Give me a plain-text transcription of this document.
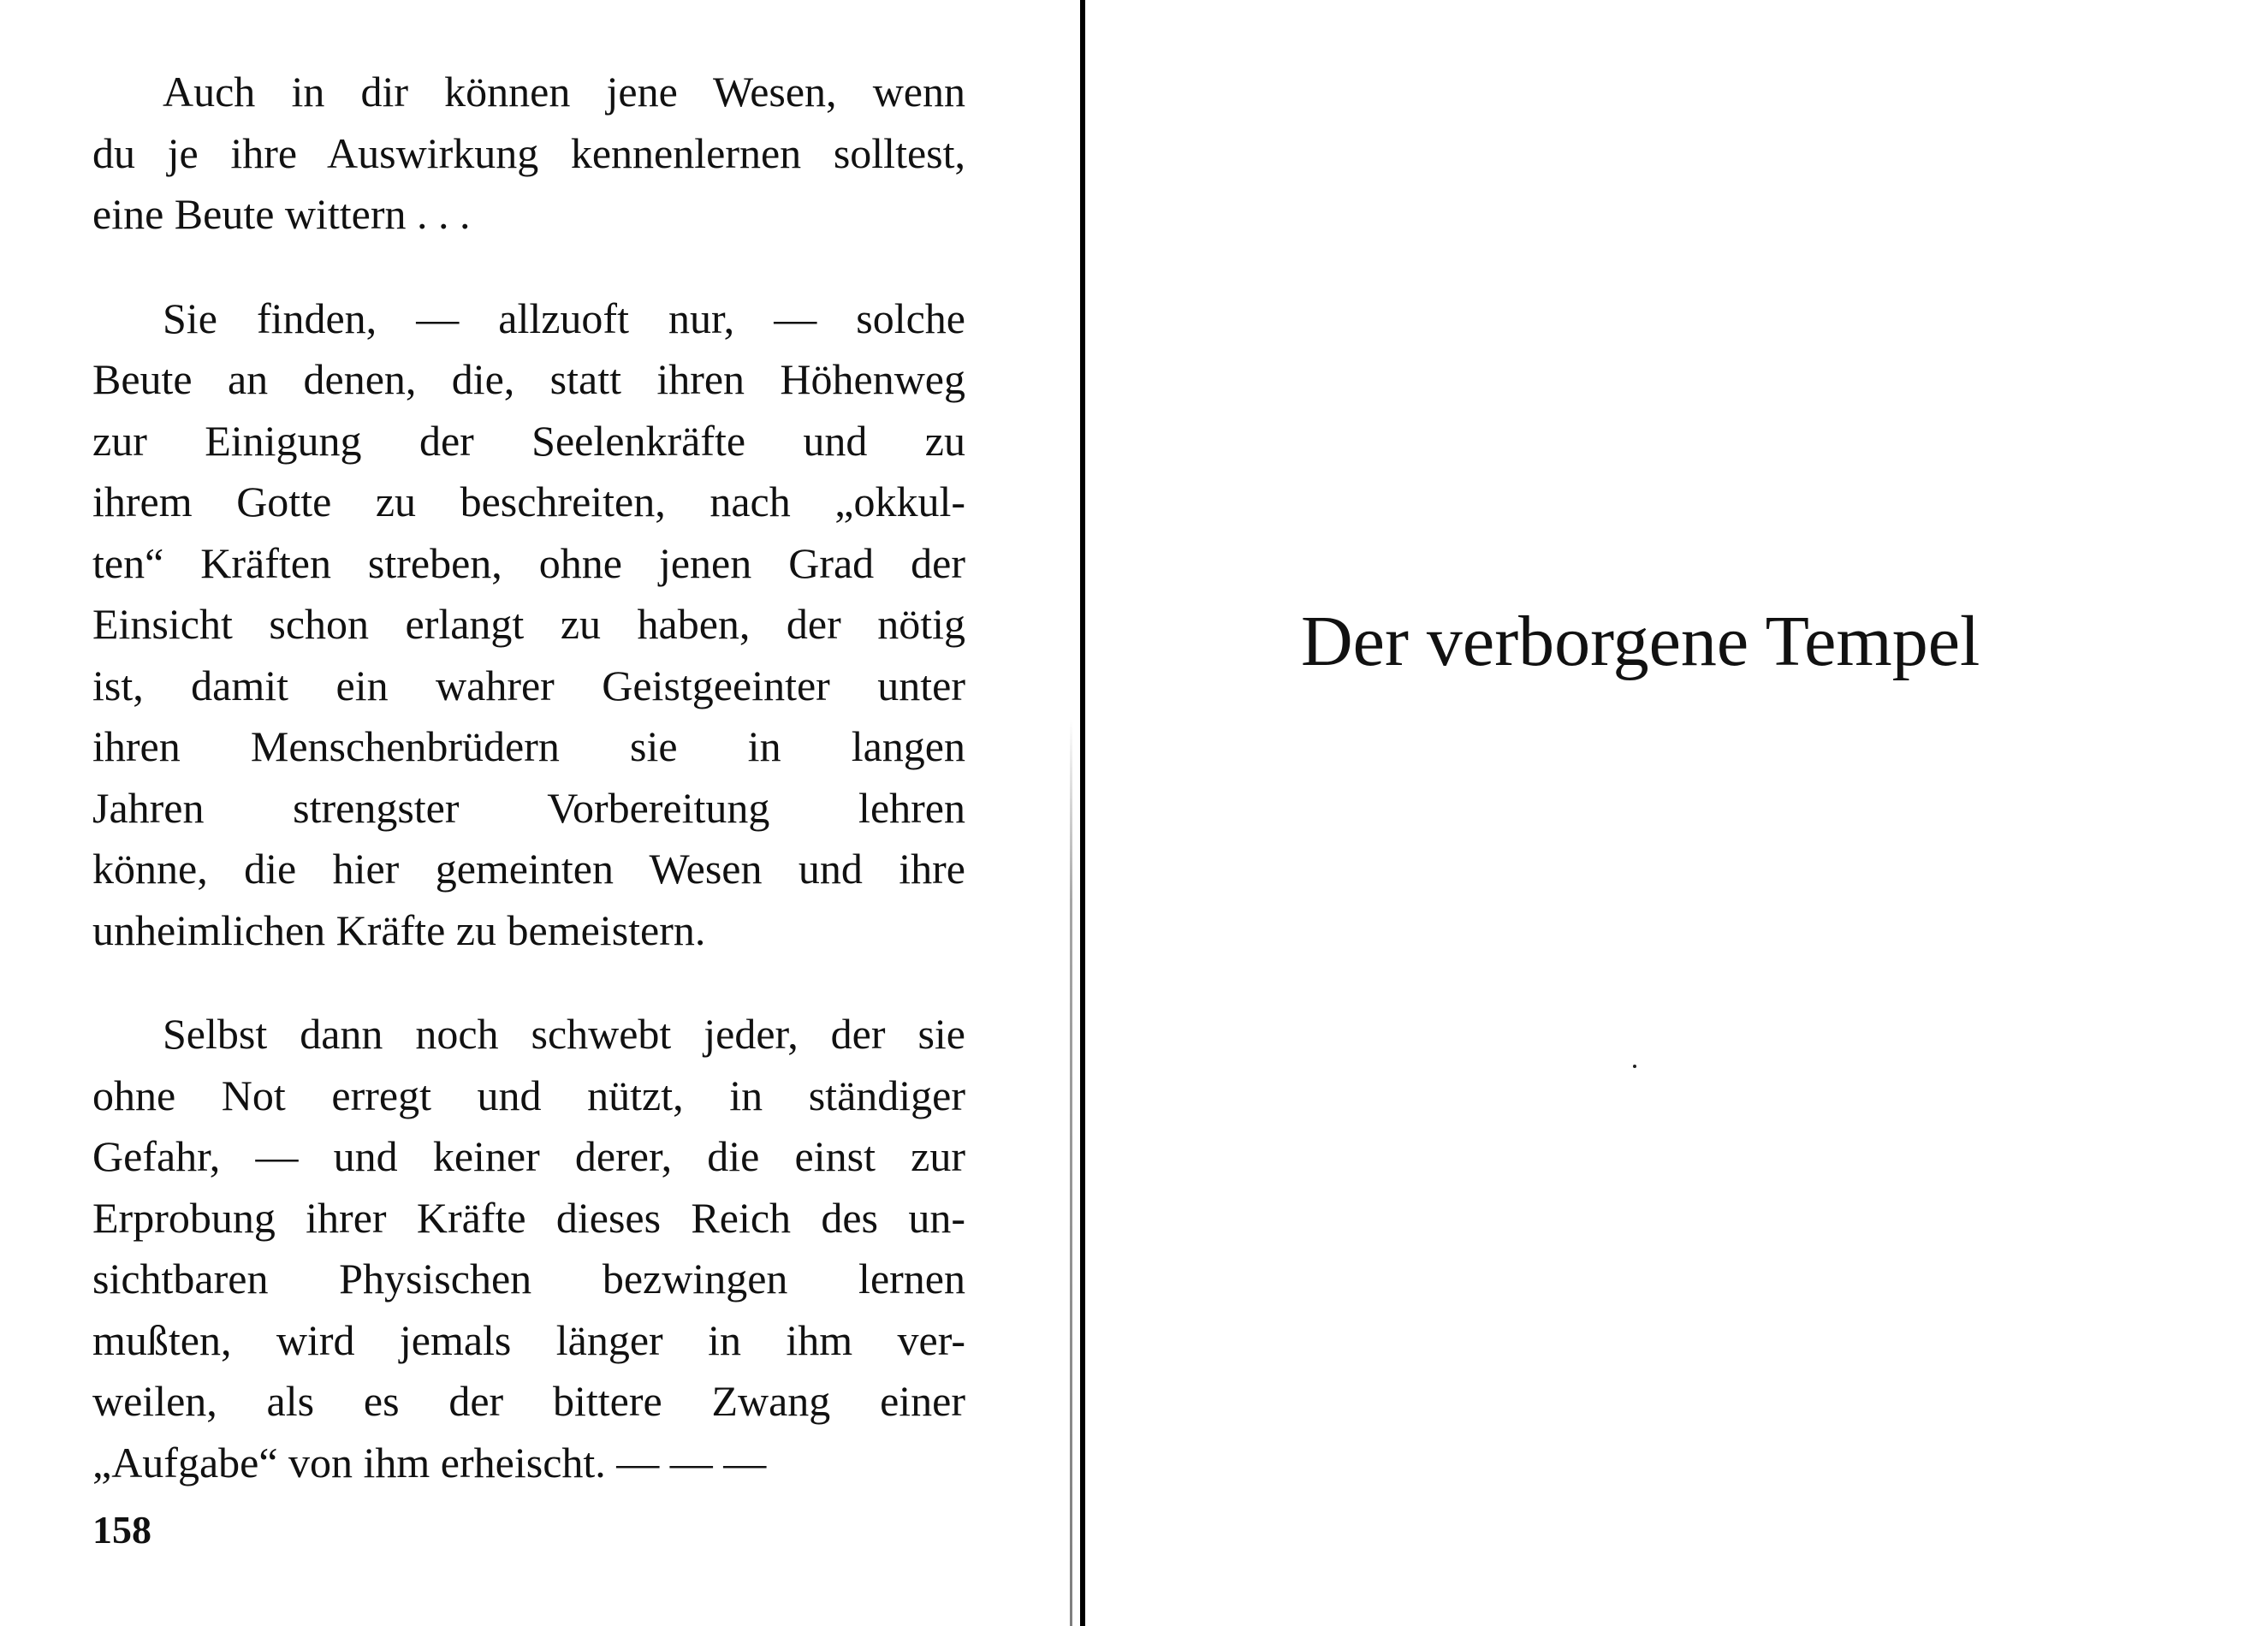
Auch in dir können jene Wesen, wenn
du je ihre Auswirkung kennenlernen solltest,
eine Beute wittern . . .

Sie finden, — allzuoft nur, — solche
Beute an denen, die, statt ihren Höhenweg
zur Einigung der Seelenkräfte und zu
ihrem Gotte zu beschreiten, nach „okkul-
ten“ Kräften streben, ohne jenen Grad der
Einsicht schon erlangt zu haben, der nötig
ist, damit ein wahrer Geistgeeinter unter
ihren Menschenbrüdern sie in langen
Jahren strengster Vorbereitung lehren
könne, die hier gemeinten Wesen und ihre
unheimlichen Kräfte zu bemeistern.

Selbst dann noch schwebt jeder, der sie
ohne Not erregt und nützt, in ständiger
Gefahr, — und keiner derer, die einst zur
Erprobung ihrer Kräfte dieses Reich des un-
sichtbaren Physischen bezwingen lernen
mußten, wird jemals länger in ihm ver-
weilen, als es der bittere Zwang einer
„Aufgabe“ von ihm erheischt. — — —

158
Der verborgene Tempel
